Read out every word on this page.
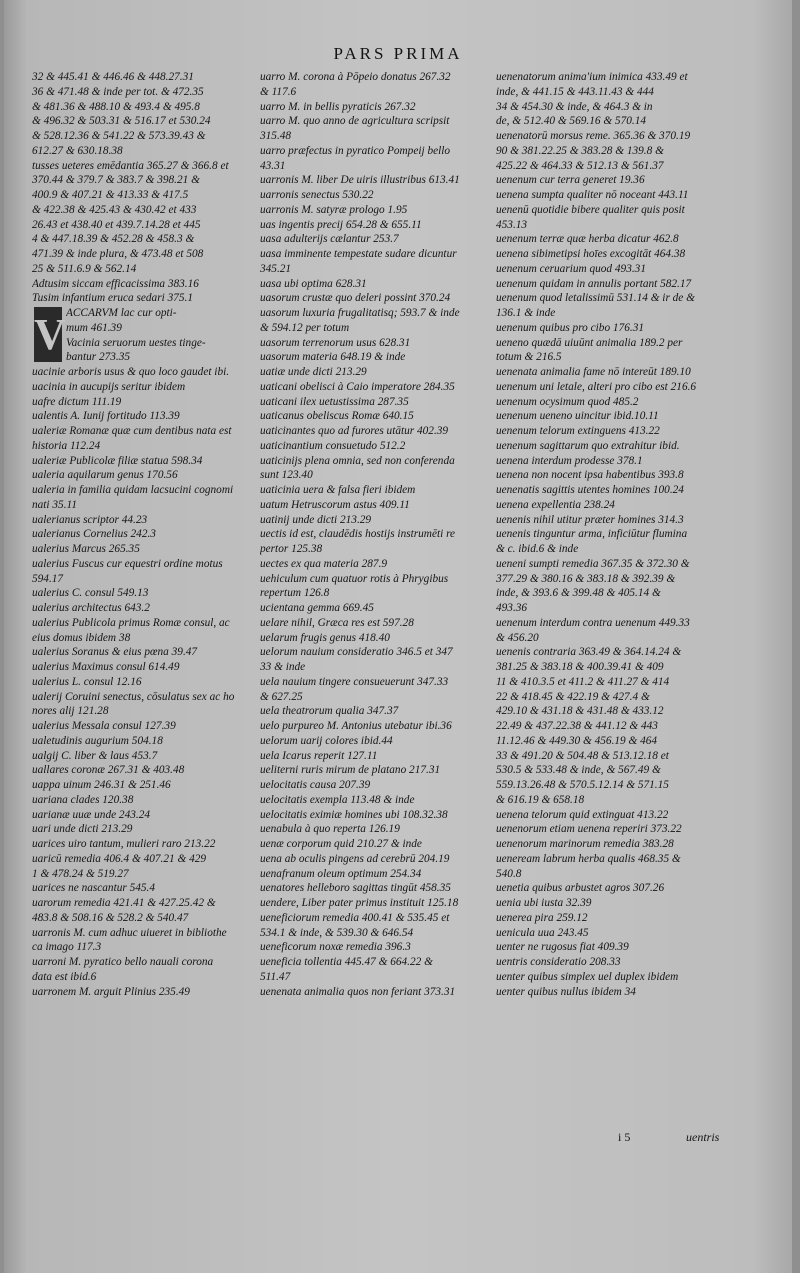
PARS PRIMA
32 & 445.41 & 446.46 & 448.27.31
36 & 471.48 & inde per tot. & 472.35
& 481.36 & 488.10 & 493.4 & 495.8
& 496.32 & 503.31 & 516.17 et 530.24
& 528.12.36 & 541.22 & 573.39.43 &
612.27 & 630.18.38
tusses ueteres emēdantia 365.27 & 366.8 et
370.44 & 379.7 & 383.7 & 398.21 &
400.9 & 407.21 & 413.33 & 417.5
& 422.38 & 425.43 & 430.42 et 433
26.43 et 438.40 et 439.7.14.28 et 445
4 & 447.18.39 & 452.28 & 458.3 &
471.39 & inde plura, & 473.48 et 508
25 & 511.6.9 & 562.14
Adtusim siccam efficacissima 383.16
Tusim infantium eruca sedari 375.1
V ACCARVM lac cur opti-
mum 461.39
Vacinia seruorum uestes tinge-
bantur 273.35
uacinie arboris usus & quo loco gaudet ibi.
uacinia in aucupijs seritur ibidem
uafre dictum 111.19
ualentis A. Iunij fortitudo 113.39
ualeriæ Romanæ quæ cum dentibus nata est
historia 112.24
ualeriæ Publicolæ filiæ statua 598.34
ualeria aquilarum genus 170.56
ualeria in familia quidam lacsucini cognomi
nati 35.11
ualerianus scriptor 44.23
ualerianus Cornelius 242.3
ualerius Marcus 265.35
ualerius Fuscus cur equestri ordine motus
594.17
ualerius C. consul 549.13
ualerius architectus 643.2
ualerius Publicola primus Romæ consul, ac
eius domus ibidem 38
ualerius Soranus & eius pœna 39.47
ualerius Maximus consul 614.49
ualerius L. consul 12.16
ualerij Coruini senectus, cōsulatus sex ac ho
nores alij 121.28
ualerius Messala consul 127.39
ualetudinis augurium 504.18
ualgij C. liber & laus 453.7
uallares coronæ 267.31 & 403.48
uappa uinum 246.31 & 251.46
uariana clades 120.38
uarianæ uuæ unde 243.24
uari unde dicti 213.29
uarices uiro tantum, mulieri raro 213.22
uaricū remedia 406.4 & 407.21 & 429
1 & 478.24 & 519.27
uarices ne nascantur 545.4
uarorum remedia 421.41 & 427.25.42 &
483.8 & 508.16 & 528.2 & 540.47
uarronis M. cum adhuc uiueret in bibliothe
ca imago 117.3
uarroni M. pyratico bello nauali corona
data est ibid.6
uarronem M. arguit Plinius 235.49
uarro M. corona à Pōpeio donatus 267.32
& 117.6
uarro M. in bellis pyraticis 267.32
uarro M. quo anno de agricultura scripsit
315.48
uarro præfectus in pyratico Pompeij bello
43.31
uarronis M. liber De uiris illustribus 613.41
uarronis senectus 530.22
uarronis M. satyræ prologo 1.95
uas ingentis precij 654.28 & 655.11
uasa adulterijs cælantur 253.7
uasa imminente tempestate sudare dicuntur
345.21
uasa ubi optima 628.31
uasorum crustæ quo deleri possint 370.24
uasorum luxuria frugalitatisq; 593.7 & inde
& 594.12 per totum
uasorum terrenorum usus 628.31
uasorum materia 648.19 & inde
uatiæ unde dicti 213.29
uaticani obelisci à Caio imperatore 284.35
uaticani ilex uetustissima 287.35
uaticanus obeliscus Romæ 640.15
uaticinantes quo ad furores utātur 402.39
uaticinantium consuetudo 512.2
uaticinijs plena omnia, sed non conferenda
sunt 123.40
uaticinia uera & falsa fieri ibidem
uatum Hetruscorum astus 409.11
uatinij unde dicti 213.29
uectis id est, claudēdis hostijs instrumēti re
pertor 125.38
uectes ex qua materia 287.9
uehiculum cum quatuor rotis à Phrygibus
repertum 126.8
ucientana gemma 669.45
uelare nihil, Græca res est 597.28
uelarum frugis genus 418.40
uelorum nauium consideratio 346.5 et 347
33 & inde
uela nauium tingere consueuerunt 347.33
& 627.25
uela theatrorum qualia 347.37
uelo purpureo M. Antonius utebatur ibi.36
uelorum uarij colores ibid.44
uela Icarus reperit 127.11
ueliterni ruris mirum de platano 217.31
uelocitatis causa 207.39
uelocitatis exempla 113.48 & inde
uelocitatis eximiæ homines ubi 108.32.38
uenabula à quo reperta 126.19
uenæ corporum quid 210.27 & inde
uena ab oculis pingens ad cerebrū 204.19
uenafranum oleum optimum 254.34
uenatores helleboro sagittas tingūt 458.35
uendere, Liber pater primus instituit 125.18
ueneficiorum remedia 400.41 & 535.45 et
534.1 & inde, & 539.30 & 646.54
ueneficorum noxæ remedia 396.3
ueneficia tollentia 445.47 & 664.22 &
511.47
uenenata animalia quos non feriant 373.31
uenenatorum anima'ium inimica 433.49 et
inde, & 441.15 & 443.11.43 & 444
34 & 454.30 & inde, & 464.3 & in
de, & 512.40 & 569.16 & 570.14
uenenatorū morsus reme. 365.36 & 370.19
90 & 381.22.25 & 383.28 & 139.8 &
425.22 & 464.33 & 512.13 & 561.37
uenenum cur terra generet 19.36
uenena sumpta qualiter nō noceant 443.11
uenenū quotidie bibere qualiter quis posit
453.13
uenenum terræ quæ herba dicatur 462.8
uenena sibimetipsi hoīes excogitāt 464.38
uenenum ceruarium quod 493.31
uenenum quidam in annulis portant 582.17
uenenum quod letalissimū 531.14 & ir de &
136.1 & inde
uenenum quibus pro cibo 176.31
ueneno quædā uiuūnt animalia 189.2 per
totum & 216.5
uenenata animalia fame nō intereūt 189.10
uenenum uni letale, alteri pro cibo est 216.6
uenenum ocysimum quod 485.2
uenenum ueneno uincitur ibid.10.11
uenenum telorum extinguens 413.22
uenenum sagittarum quo extrahitur ibid.
uenena interdum prodesse 378.1
uenena non nocent ipsa habentibus 393.8
uenenatis sagittis utentes homines 100.24
uenena expellentia 238.24
uenenis nihil utitur præter homines 314.3
uenenis tinguntur arma, inficiūtur flumina
& c. ibid.6 & inde
ueneni sumpti remedia 367.35 & 372.30 &
377.29 & 380.16 & 383.18 & 392.39 &
inde, & 393.6 & 399.48 & 405.14 &
493.36
uenenum interdum contra uenenum 449.33
& 456.20
uenenis contraria 363.49 & 364.14.24 &
381.25 & 383.18 & 400.39.41 & 409
11 & 410.3.5 et 411.2 & 411.27 & 414
22 & 418.45 & 422.19 & 427.4 &
429.10 & 431.18 & 431.48 & 433.12
22.49 & 437.22.38 & 441.12 & 443
11.12.46 & 449.30 & 456.19 & 464
33 & 491.20 & 504.48 & 513.12.18 et
530.5 & 533.48 & inde, & 567.49 &
559.13.26.48 & 570.5.12.14 & 571.15
& 616.19 & 658.18
uenena telorum quid extinguat 413.22
uenenorum etiam uenena reperiri 373.22
uenenorum marinorum remedia 383.28
ueneream labrum herba qualis 468.35 &
540.8
uenetia quibus arbustet agros 307.26
uenia ubi iusta 32.39
uenerea pira 259.12
uenicula uua 243.45
uenter ne rugosus fiat 409.39
uentris consideratio 208.33
uenter quibus simplex uel duplex ibidem
uenter quibus nullus ibidem 34
i 5	uentris
